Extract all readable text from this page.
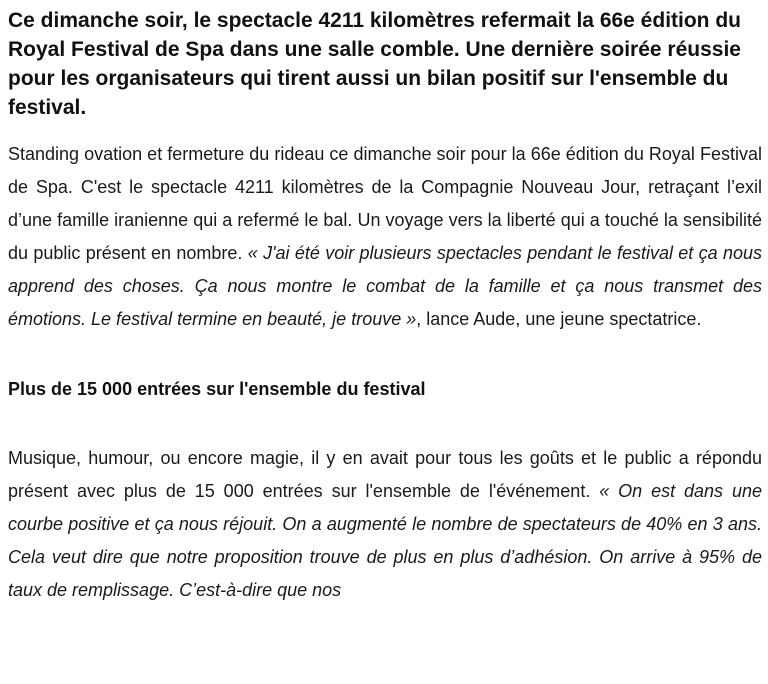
Ce dimanche soir, le spectacle 4211 kilomètres refermait la 66e édition du Royal Festival de Spa dans une salle comble. Une dernière soirée réussie pour les organisateurs qui tirent aussi un bilan positif sur l'ensemble du festival.

Standing ovation et fermeture du rideau ce dimanche soir pour la 66e édition du Royal Festival de Spa. C'est le spectacle 4211 kilomètres de la Compagnie Nouveau Jour, retraçant l’exil d’une famille iranienne qui a refermé le bal. Un voyage vers la liberté qui a touché la sensibilité du public présent en nombre. « J'ai été voir plusieurs spectacles pendant le festival et ça nous apprend des choses. Ça nous montre le combat de la famille et ça nous transmet des émotions. Le festival termine en beauté, je trouve », lance Aude, une jeune spectatrice.

Plus de 15 000 entrées sur l'ensemble du festival

Musique, humour, ou encore magie, il y en avait pour tous les goûts et le public a répondu présent avec plus de 15 000 entrées sur l'ensemble de l'événement. « On est dans une courbe positive et ça nous réjouit. On a augmenté le nombre de spectateurs de 40% en 3 ans. Cela veut dire que notre proposition trouve de plus en plus d’adhésion. On arrive à 95% de taux de remplissage. C’est-à-dire que nos
